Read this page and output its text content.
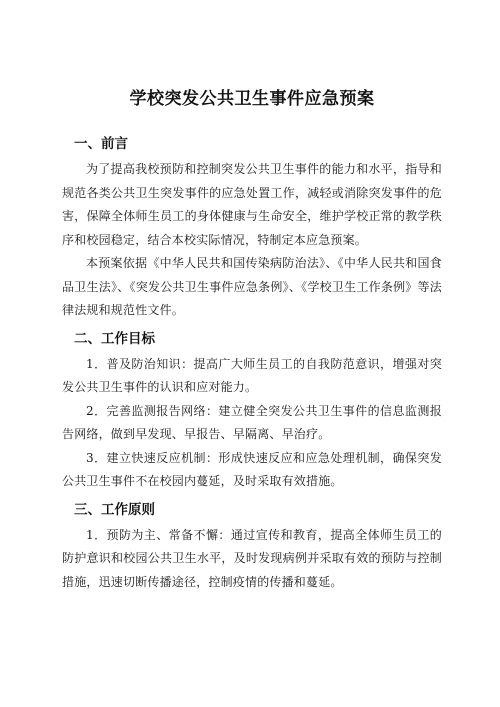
学校突发公共卫生事件应急预案
一、前言

为了提高我校预防和控制突发公共卫生事件的能力和水平，指导和规范各类公共卫生突发事件的应急处置工作，减轻或消除突发事件的危害，保障全体师生员工的身体健康与生命安全，维护学校正常的教学秩序和校园稳定，结合本校实际情况，特制定本应急预案。

本预案依据《中华人民共和国传染病防治法》、《中华人民共和国食品卫生法》、《突发公共卫生事件应急条例》、《学校卫生工作条例》等法律法规和规范性文件。

二、工作目标

1．普及防治知识：提高广大师生员工的自我防范意识，增强对突发公共卫生事件的认识和应对能力。

2．完善监测报告网络：建立健全突发公共卫生事件的信息监测报告网络，做到早发现、早报告、早隔离、早治疗。

3．建立快速反应机制：形成快速反应和应急处理机制，确保突发公共卫生事件不在校园内蔓延，及时采取有效措施。

三、工作原则

1．预防为主、常备不懈：通过宣传和教育，提高全体师生员工的防护意识和校园公共卫生水平，及时发现病例并采取有效的预防与控制措施，迅速切断传播途径，控制疫情的传播和蔓延。
